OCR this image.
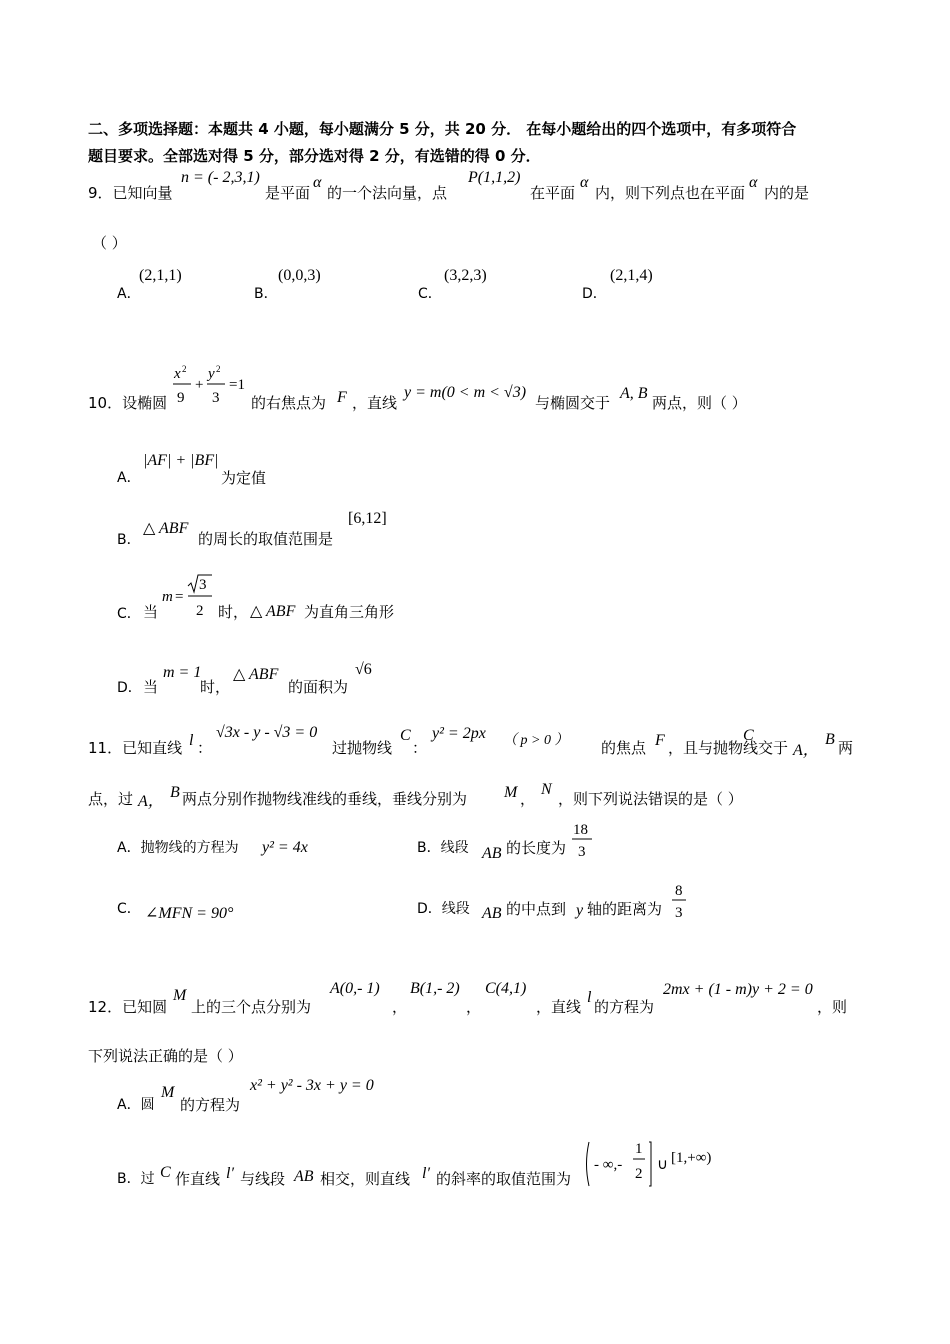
二、多项选择题：本题共 4 小题，每小题满分 5 分，共 20 分． 在每小题给出的四个选项中，有多项符合
题目要求。全部选对得 5 分，部分选对得 2 分，有选错的得 0 分．
9．已知向量
n = (- 2,3,1)
是平面
α
的一个法向量，点
P(1,1,2)
在平面
α
内，则下列点也在平面
α
内的是
（ ）
A．
(2,1,1)
B．
(0,0,3)
C．
(3,2,3)
D．
(2,1,4)
10．设椭圆
x 2
9
+
y 2
3
=1
的右焦点为 F ，直线
y = m(0 < m < √3)
与椭圆交于
A, B
两点，则（ ）
A．
|AF| + |BF|
为定值
B．
△ ABF
的周长的取值范围是
[6,12]
C． 当
m =
3
2 时， △ ABF 为直角三角形
D． 当
m = 1
时，
△ ABF
的面积为
√6
11．已知直线 l ：
√3x - y - √3 = 0
过抛物线
C
：
y² = 2px （ p > 0 ） 的焦点 F ，且与抛物线
C
交于 A，
B 两
点，过 A，
B 两点分别作抛物线准线的垂线，垂线分别为 M ，
N
，则下列说法错误的是（ ）
A．抛物线的方程为 y² = 4x	B．线段 AB 的长度为
18
3
C． ∠MFN = 90°	D．线段 AB 的中点到 y 轴的距离为
8
3
12．已知圆
M
上的三个点分别为
A(0,- 1)
，
B(1,- 2)
，
C(4,1)
，直线
l
的方程为
2mx + (1 - m)y + 2 = 0
，则
下列说法正确的是（ ）
A．圆
M
的方程为
x² + y² - 3x + y = 0
B．过 C 作直线 l′ 与线段 AB 相交，则直线 l′ 的斜率的取值范围为
- ∞,-
1
2
∪ [1,+∞)
